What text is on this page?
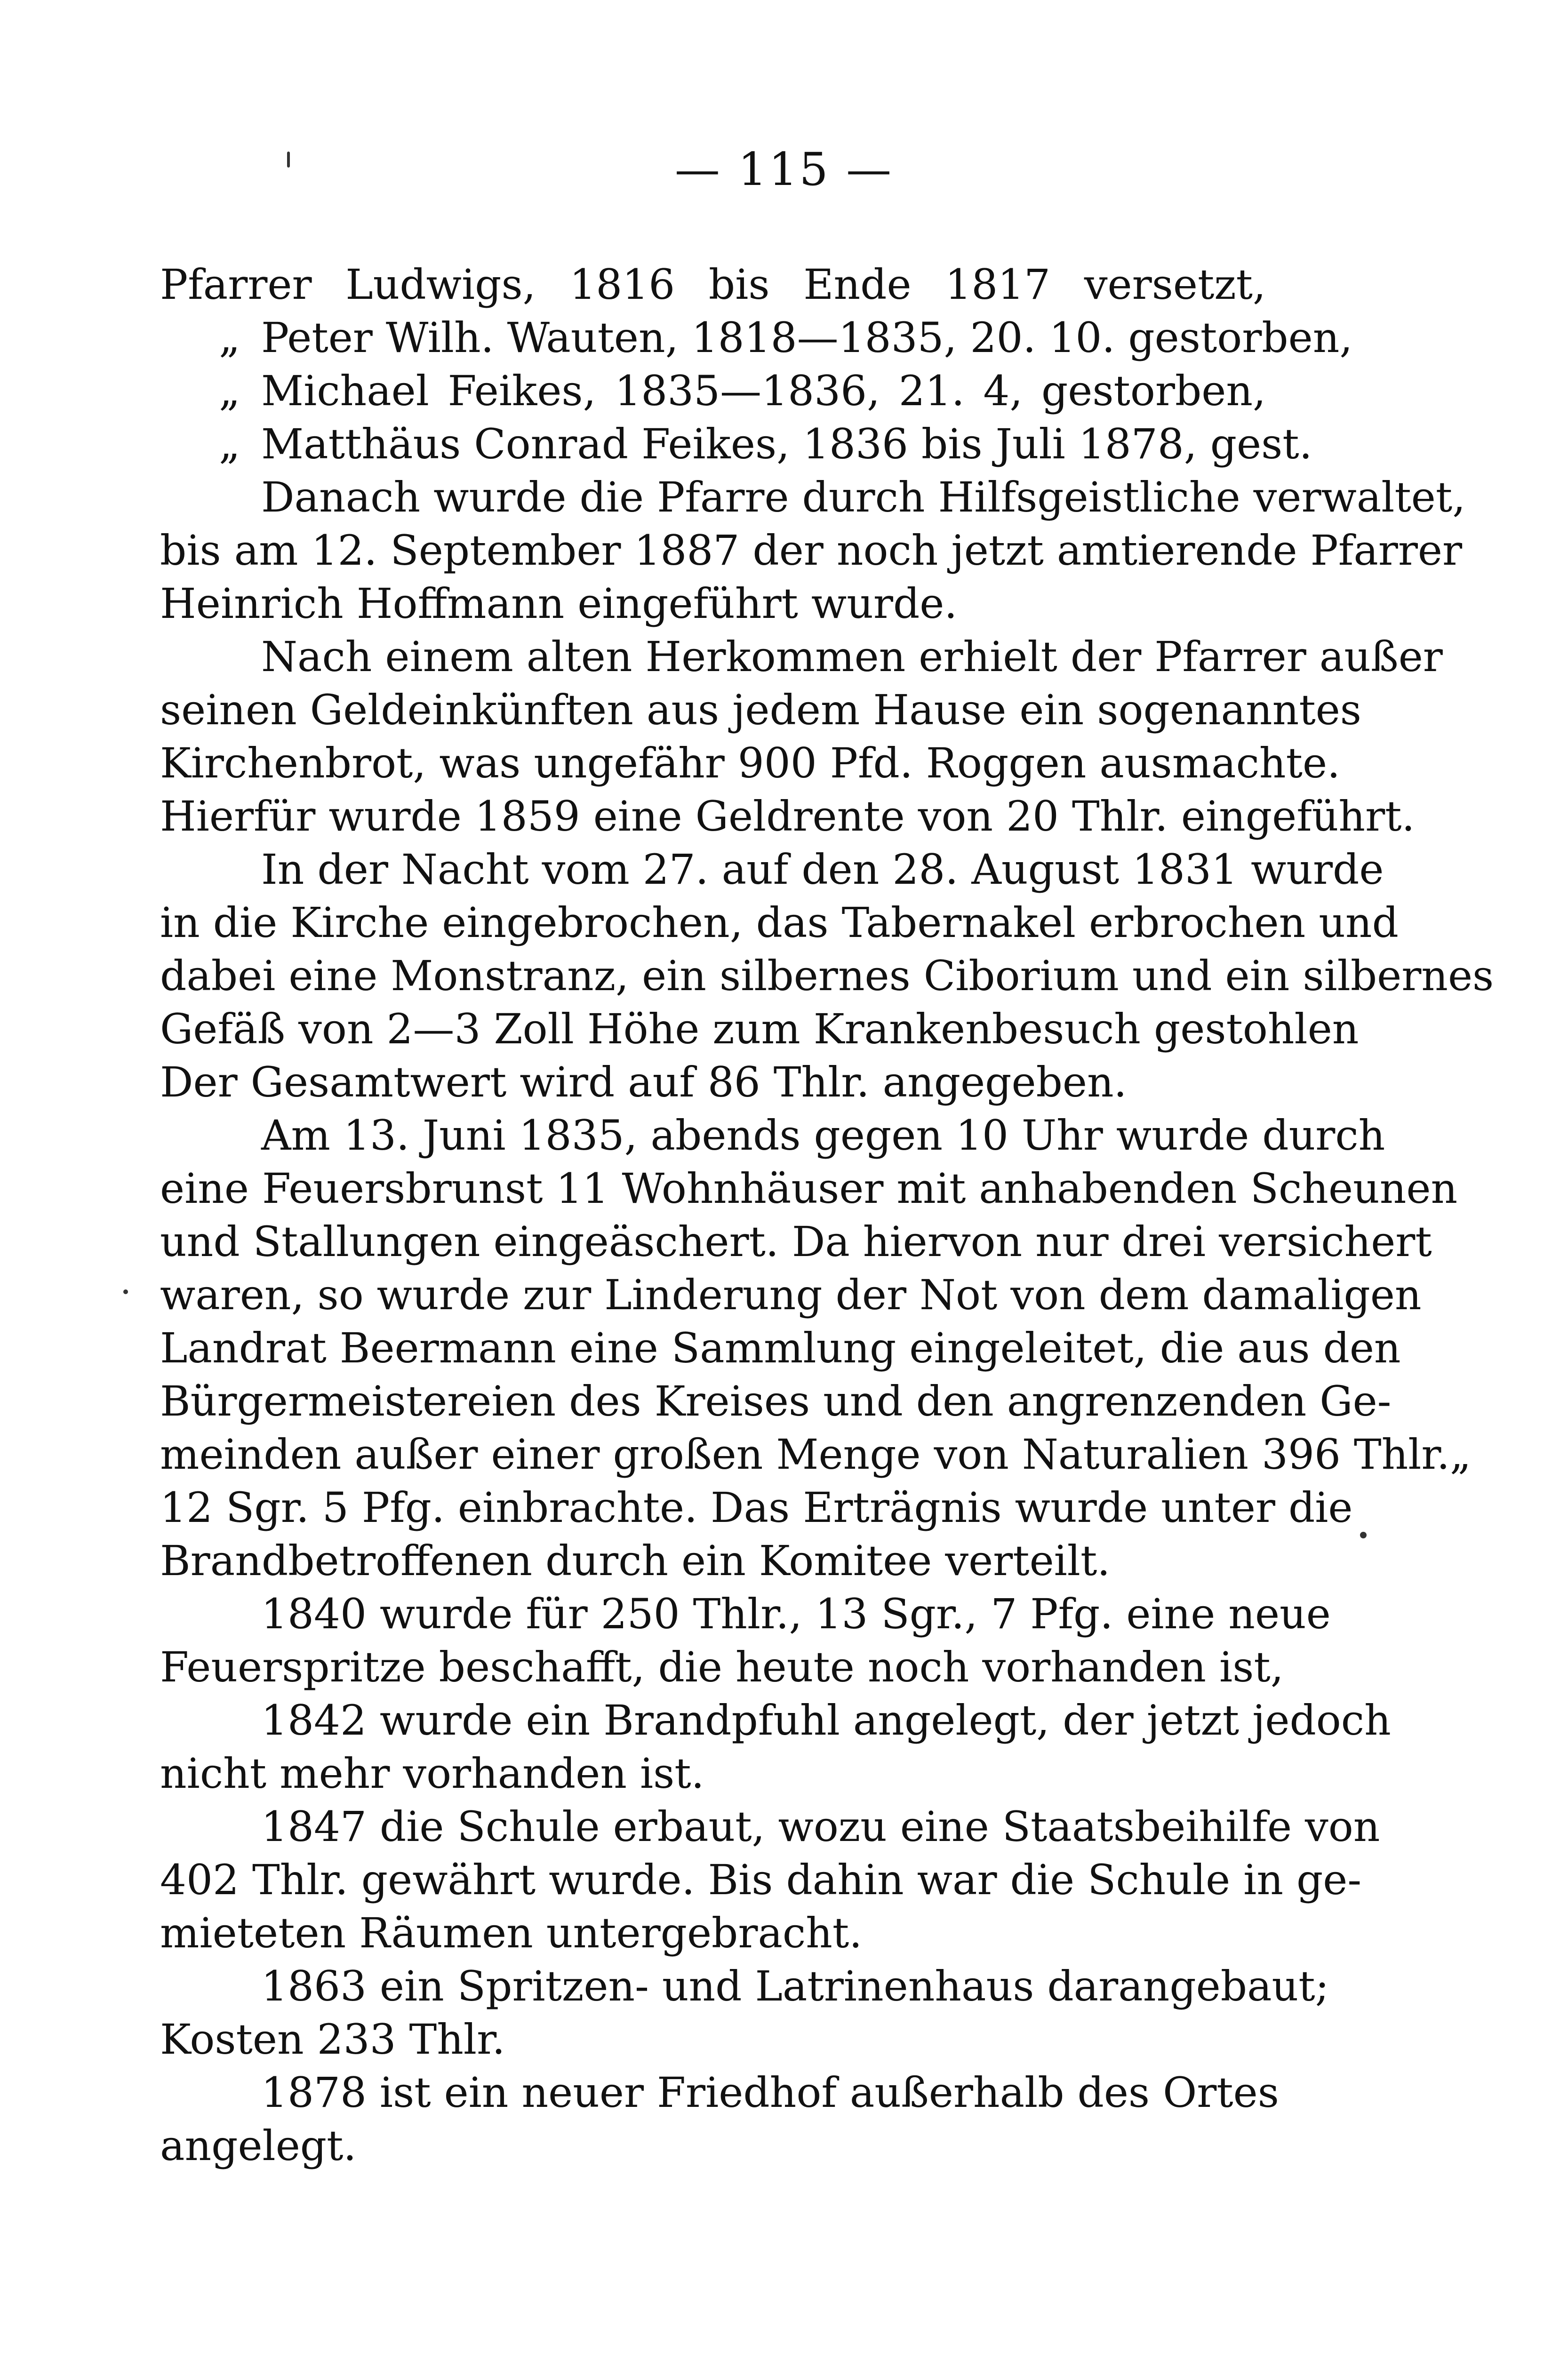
— 115 —
Pfarrer Ludwigs, 1816 bis Ende 1817 versetzt,
„ Peter Wilh. Wauten, 1818—1835, 20. 10. gestorben,
„ Michael Feikes, 1835—1836, 21. 4, gestorben,
„ Matthäus Conrad Feikes, 1836 bis Juli 1878, gest.
Danach wurde die Pfarre durch Hilfsgeistliche verwaltet,
bis am 12. September 1887 der noch jetzt amtierende Pfarrer
Heinrich Hoffmann eingeführt wurde.
Nach einem alten Herkommen erhielt der Pfarrer außer
seinen Geldeinkünften aus jedem Hause ein sogenanntes
Kirchenbrot, was ungefähr 900 Pfd. Roggen ausmachte.
Hierfür wurde 1859 eine Geldrente von 20 Thlr. eingeführt.
In der Nacht vom 27. auf den 28. August 1831 wurde
in die Kirche eingebrochen, das Tabernakel erbrochen und
dabei eine Monstranz, ein silbernes Ciborium und ein silbernes
Gefäß von 2—3 Zoll Höhe zum Krankenbesuch gestohlen
Der Gesamtwert wird auf 86 Thlr. angegeben.
Am 13. Juni 1835, abends gegen 10 Uhr wurde durch
eine Feuersbrunst 11 Wohnhäuser mit anhabenden Scheunen
und Stallungen eingeäschert. Da hiervon nur drei versichert
waren, so wurde zur Linderung der Not von dem damaligen
Landrat Beermann eine Sammlung eingeleitet, die aus den
Bürgermeistereien des Kreises und den angrenzenden Ge-
meinden außer einer großen Menge von Naturalien 396 Thlr.„
12 Sgr. 5 Pfg. einbrachte. Das Erträgnis wurde unter die
Brandbetroffenen durch ein Komitee verteilt.
1840 wurde für 250 Thlr., 13 Sgr., 7 Pfg. eine neue
Feuerspritze beschafft, die heute noch vorhanden ist,
1842 wurde ein Brandpfuhl angelegt, der jetzt jedoch
nicht mehr vorhanden ist.
1847 die Schule erbaut, wozu eine Staatsbeihilfe von
402 Thlr. gewährt wurde. Bis dahin war die Schule in ge-
mieteten Räumen untergebracht.
1863 ein Spritzen- und Latrinenhaus darangebaut;
Kosten 233 Thlr.
1878 ist ein neuer Friedhof außerhalb des Ortes
angelegt.
